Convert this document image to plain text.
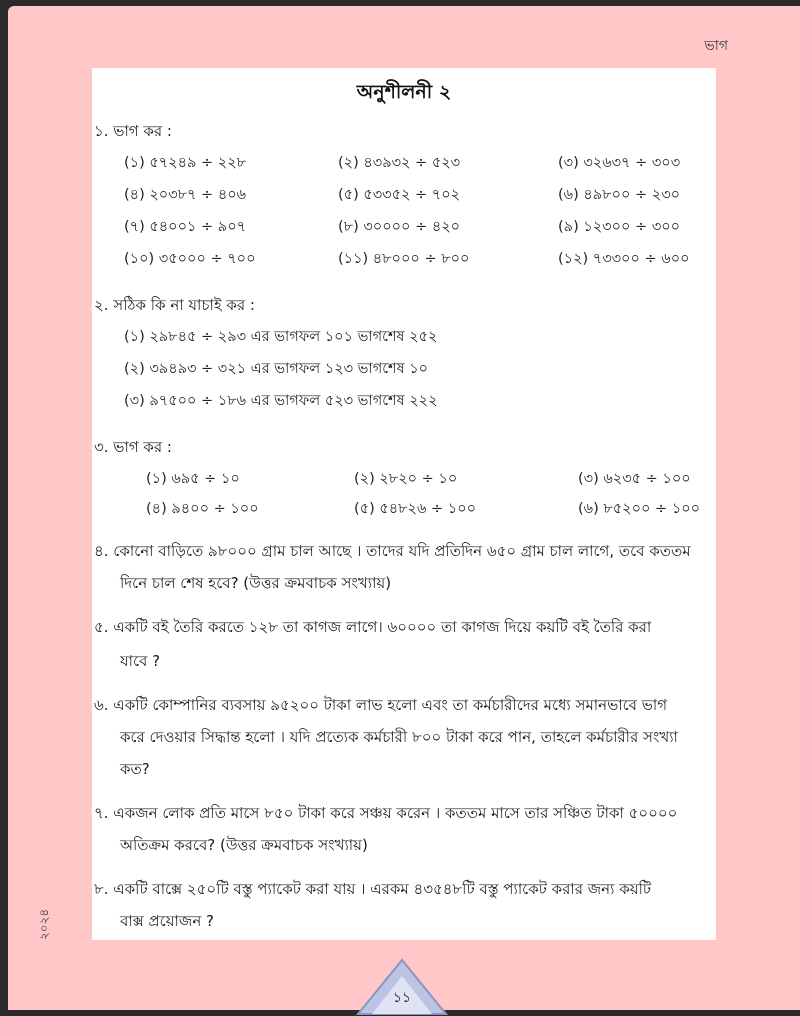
ভাগ
অনুশীলনী ২
১. ভাগ কর :
(১) ৫৭২৪৯ ÷ ২২৮	(২) ৪৩৯৩২ ÷ ৫২৩	(৩) ৩২৬৩৭ ÷ ৩০৩
(৪) ২০৩৮৭ ÷ ৪০৬	(৫) ৫৩৩৫২ ÷ ৭০২	(৬) ৪৯৮০০ ÷ ২৩০
(৭) ৫৪০০১ ÷ ৯০৭	(৮) ৩০০০০ ÷ ৪২০	(৯) ১২৩০০ ÷ ৩০০
(১০) ৩৫০০০ ÷ ৭০০	(১১) ৪৮০০০ ÷ ৮০০	(১২) ৭৩৩০০ ÷ ৬০০
২. সঠিক কি না যাচাই কর :
(১) ২৯৮৪৫ ÷ ২৯৩ এর ভাগফল ১০১ ভাগশেষ ২৫২
(২) ৩৯৪৯৩ ÷ ৩২১ এর ভাগফল ১২৩ ভাগশেষ ১০
(৩) ৯৭৫০০ ÷ ১৮৬ এর ভাগফল ৫২৩ ভাগশেষ ২২২
৩. ভাগ কর :
(১) ৬৯৫ ÷ ১০	(২) ২৮২০ ÷ ১০	(৩) ৬২৩৫ ÷ ১০০
(৪) ৯৪০০ ÷ ১০০	(৫) ৫৪৮২৬ ÷ ১০০	(৬) ৮৫২০০ ÷ ১০০
৪. কোনো বাড়িতে ৯৮০০০ গ্রাম চাল আছে । তাদের যদি প্রতিদিন ৬৫০ গ্রাম চাল লাগে, তবে কততম
দিনে চাল শেষ হবে? (উত্তর ক্রমবাচক সংখ্যায়)
৫. একটি বই তৈরি করতে ১২৮ তা কাগজ লাগে। ৬০০০০ তা কাগজ দিয়ে কয়টি বই তৈরি করা
যাবে ?
৬. একটি কোম্পানির ব্যবসায় ৯৫২০০ টাকা লাভ হলো এবং তা কর্মচারীদের মধ্যে সমানভাবে ভাগ
করে দেওয়ার সিদ্ধান্ত হলো । যদি প্রত্যেক কর্মচারী ৮০০ টাকা করে পান, তাহলে কর্মচারীর সংখ্যা
কত?
৭. একজন লোক প্রতি মাসে ৮৫০ টাকা করে সঞ্চয় করেন । কততম মাসে তার সঞ্চিত টাকা ৫০০০০
অতিক্রম করবে? (উত্তর ক্রমবাচক সংখ্যায়)
৮. একটি বাক্সে ২৫০টি বস্তু প্যাকেট করা যায় । এরকম ৪৩৫৪৮টি বস্তু প্যাকেট করার জন্য কয়টি
বাক্স প্রয়োজন ?
২০২৪
১১
